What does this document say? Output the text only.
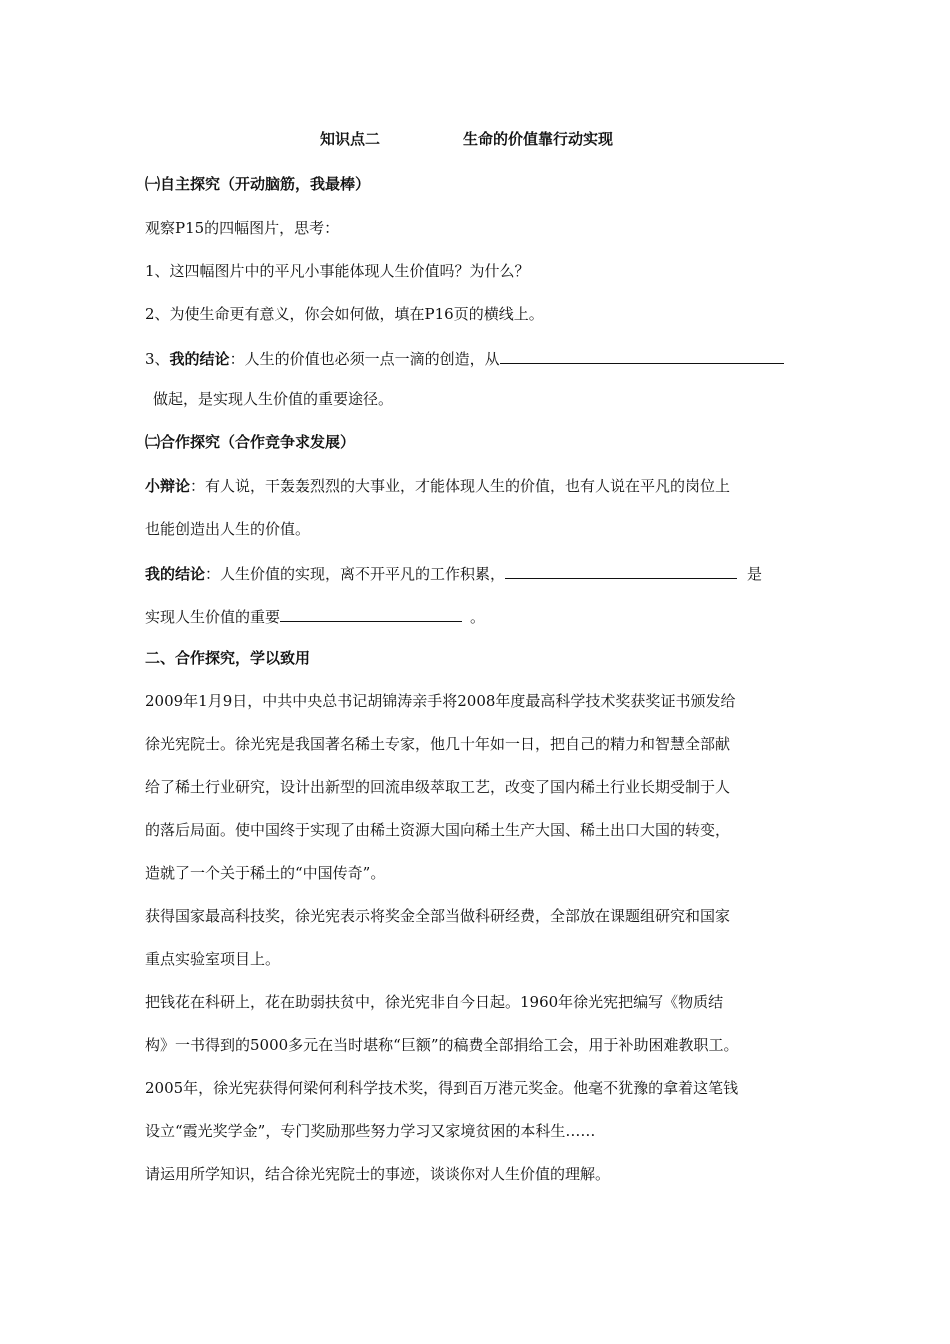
知识点二	生命的价值靠行动实现
㈠自主探究（开动脑筋，我最棒）
观察P15的四幅图片，思考：
1、这四幅图片中的平凡小事能体现人生价值吗？为什么？
2、为使生命更有意义，你会如何做，填在P16页的横线上。
3、我的结论：人生的价值也必须一点一滴的创造，从
做起，是实现人生价值的重要途径。
㈡合作探究（合作竞争求发展）
小辩论：有人说，干轰轰烈烈的大事业，才能体现人生的价值，也有人说在平凡的岗位上
也能创造出人生的价值。
我的结论：人生价值的实现，离不开平凡的工作积累，	是
实现人生价值的重要	。
二、合作探究，学以致用
2009年1月9日，中共中央总书记胡锦涛亲手将2008年度最高科学技术奖获奖证书颁发给
徐光宪院士。徐光宪是我国著名稀土专家，他几十年如一日，把自己的精力和智慧全部献
给了稀土行业研究，设计出新型的回流串级萃取工艺，改变了国内稀土行业长期受制于人
的落后局面。使中国终于实现了由稀土资源大国向稀土生产大国、稀土出口大国的转变，
造就了一个关于稀土的“中国传奇”。
获得国家最高科技奖，徐光宪表示将奖金全部当做科研经费，全部放在课题组研究和国家
重点实验室项目上。
把钱花在科研上，花在助弱扶贫中，徐光宪非自今日起。1960年徐光宪把编写《物质结
构》一书得到的5000多元在当时堪称“巨额”的稿费全部捐给工会，用于补助困难教职工。
2005年，徐光宪获得何梁何利科学技术奖，得到百万港元奖金。他毫不犹豫的拿着这笔钱
设立“霞光奖学金”，专门奖励那些努力学习又家境贫困的本科生……
请运用所学知识，结合徐光宪院士的事迹，谈谈你对人生价值的理解。
